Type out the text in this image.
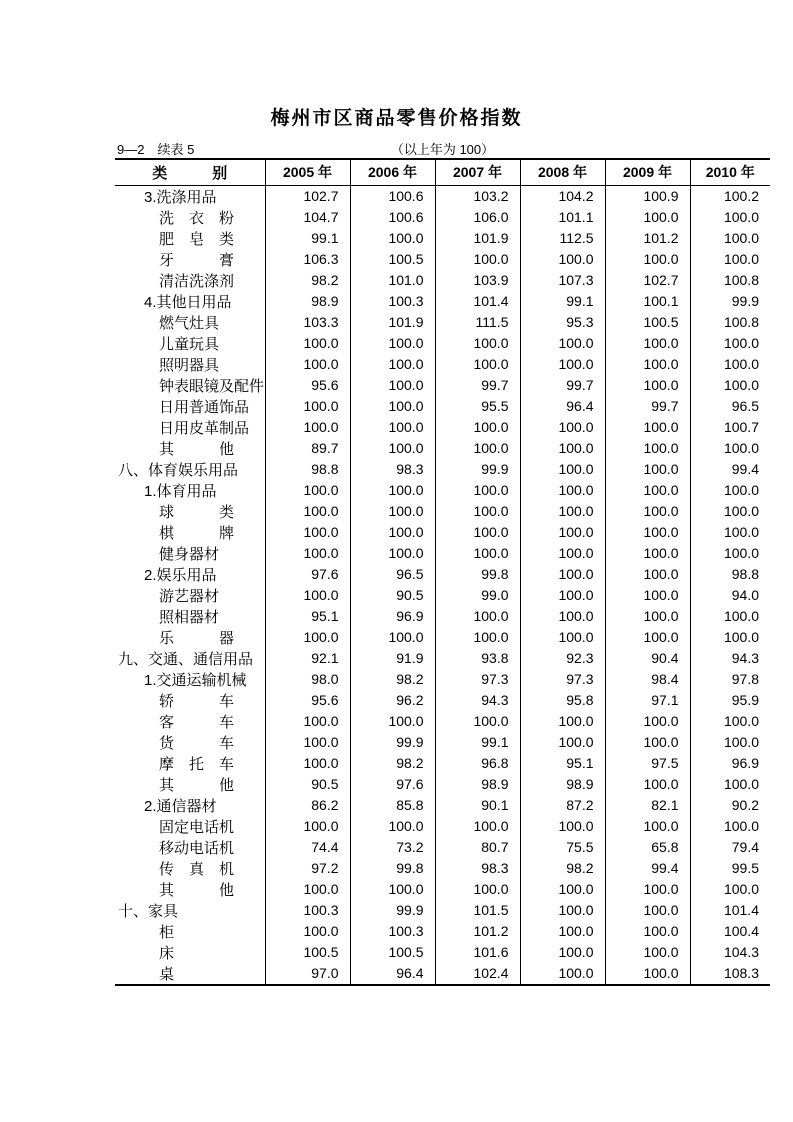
梅州市区商品零售价格指数
9—2　续表 5	（以上年为 100）
类　　　别	2005 年	2006 年	2007 年	2008 年	2009 年	2010 年
3.洗涤用品	102.7	100.6	103.2	104.2	100.9	100.2
洗　衣　粉	104.7	100.6	106.0	101.1	100.0	100.0
肥　皂　类	99.1	100.0	101.9	112.5	101.2	100.0
牙　　　膏	106.3	100.5	100.0	100.0	100.0	100.0
清洁洗涤剂	98.2	101.0	103.9	107.3	102.7	100.8
4.其他日用品	98.9	100.3	101.4	99.1	100.1	99.9
燃气灶具	103.3	101.9	111.5	95.3	100.5	100.8
儿童玩具	100.0	100.0	100.0	100.0	100.0	100.0
照明器具	100.0	100.0	100.0	100.0	100.0	100.0
钟表眼镜及配件	95.6	100.0	99.7	99.7	100.0	100.0
日用普通饰品	100.0	100.0	95.5	96.4	99.7	96.5
日用皮革制品	100.0	100.0	100.0	100.0	100.0	100.7
其　　　他	89.7	100.0	100.0	100.0	100.0	100.0
八、体育娱乐用品	98.8	98.3	99.9	100.0	100.0	99.4
1.体育用品	100.0	100.0	100.0	100.0	100.0	100.0
球　　　类	100.0	100.0	100.0	100.0	100.0	100.0
棋　　　牌	100.0	100.0	100.0	100.0	100.0	100.0
健身器材	100.0	100.0	100.0	100.0	100.0	100.0
2.娱乐用品	97.6	96.5	99.8	100.0	100.0	98.8
游艺器材	100.0	90.5	99.0	100.0	100.0	94.0
照相器材	95.1	96.9	100.0	100.0	100.0	100.0
乐　　　器	100.0	100.0	100.0	100.0	100.0	100.0
九、交通、通信用品	92.1	91.9	93.8	92.3	90.4	94.3
1.交通运输机械	98.0	98.2	97.3	97.3	98.4	97.8
轿　　　车	95.6	96.2	94.3	95.8	97.1	95.9
客　　　车	100.0	100.0	100.0	100.0	100.0	100.0
货　　　车	100.0	99.9	99.1	100.0	100.0	100.0
摩　托　车	100.0	98.2	96.8	95.1	97.5	96.9
其　　　他	90.5	97.6	98.9	98.9	100.0	100.0
2.通信器材	86.2	85.8	90.1	87.2	82.1	90.2
固定电话机	100.0	100.0	100.0	100.0	100.0	100.0
移动电话机	74.4	73.2	80.7	75.5	65.8	79.4
传　真　机	97.2	99.8	98.3	98.2	99.4	99.5
其　　　他	100.0	100.0	100.0	100.0	100.0	100.0
十、家具	100.3	99.9	101.5	100.0	100.0	101.4
柜	100.0	100.3	101.2	100.0	100.0	100.4
床	100.5	100.5	101.6	100.0	100.0	104.3
桌	97.0	96.4	102.4	100.0	100.0	108.3
